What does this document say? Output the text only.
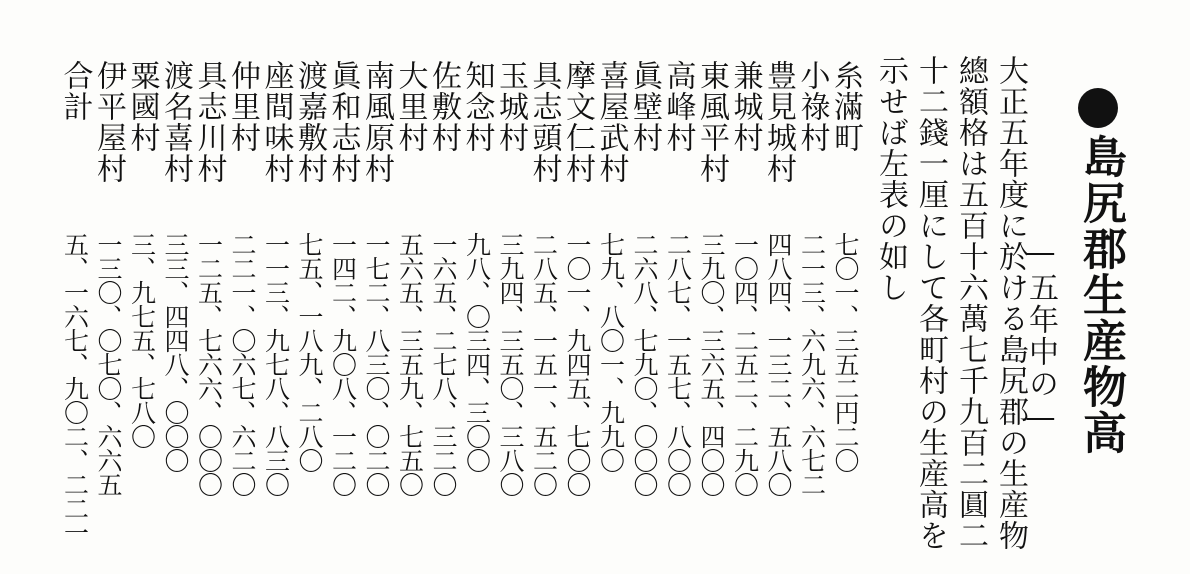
島尻郡生産物高
—五年中の—
大正五年度に於ける島尻郡の生産物
總額格は五百十六萬七千九百二圓二
十二錢一厘にして各町村の生産高を
示せば左表の如し
糸滿町
七〇一、三五二円二〇
小祿村
二一三、六九六、六七二
豊見城村
四八四、一三二、五八〇
兼城村
一〇四、二五二、二九〇
東風平村
三九〇、三六五、四〇〇
高峰村
二八七、一五七、八〇〇
眞壁村
二六八、七九〇、〇〇〇
喜屋武村
七九、八〇一、九九〇
摩文仁村
一〇一、九四五、七〇〇
具志頭村
二八五、一五一、五二〇
玉城村
三九四、三五〇、三八〇
知念村
九八、〇三四、三〇〇
佐敷村
一六五、二七八、三二〇
大里村
五六五、三五九、七五〇
南風原村
一七二、八三〇、〇二〇
眞和志村
一四二、九〇八、一二〇
渡嘉敷村
七五、一八九、二八〇
座間味村
一一三、九七八、八三〇
仲里村
二二一、〇六七、六二〇
具志川村
一二五、七六六、〇〇〇
渡名喜村
三三、四四八、〇〇〇
粟國村
三、九七五、七八〇
伊平屋村
一三〇、〇七〇、六六五
合計
五、一六七、九〇二、二二一
